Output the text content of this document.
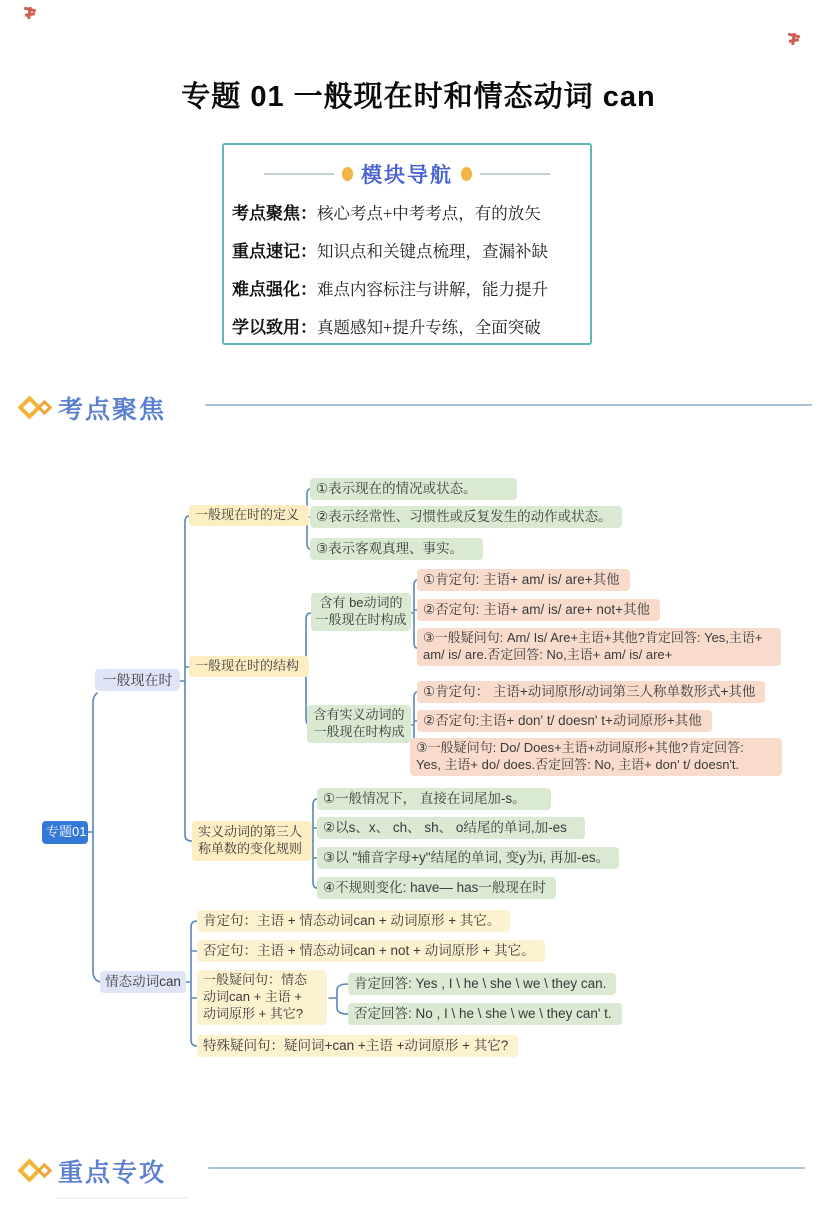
专题 01 一般现在时和情态动词 can
模块导航
考点聚焦： 核心考点+中考考点，有的放矢
重点速记： 知识点和关键点梳理，查漏补缺
难点强化： 难点内容标注与讲解，能力提升
学以致用： 真题感知+提升专练，全面突破
考点聚焦
专题01
一般现在时
情态动词can
一般现在时的定义
一般现在时的结构
实义动词的第三人称单数的变化规则
①表示现在的情况或状态。
②表示经常性、习惯性或反复发生的动作或状态。
③表示客观真理、事实。
含有 be动词的一般现在时构成
①肯定句: 主语+ am/ is/ are+其他
②否定句: 主语+ am/ is/ are+ not+其他
③一般疑问句: Am/ Is/ Are+主语+其他?肯定回答: Yes,主语+ am/ is/ are.否定回答: No,主语+ am/ is/ are+
含有实义动词的一般现在时构成
①肯定句： 主语+动词原形/动词第三人称单数形式+其他
②否定句:主语+ don' t/ doesn' t+动词原形+其他
③一般疑问句: Do/ Does+主语+动词原形+其他?肯定回答: Yes, 主语+ do/ does.否定回答: No, 主语+ don' t/ doesn't.
①一般情况下， 直接在词尾加-s。
②以s、x、 ch、 sh、 o结尾的单词,加-es
③以 "辅音字母+y"结尾的单词, 变y为i, 再加-es。
④不规则变化: have— has一般现在时
肯定句：主语 + 情态动词can + 动词原形 + 其它。
否定句：主语 + 情态动词can + not + 动词原形 + 其它。
一般疑问句：情态动词can + 主语 + 动词原形 + 其它?
肯定回答: Yes , I \ he \ she \ we \ they can.
否定回答: No , I \ he \ she \ we \ they can' t.
特殊疑问句：疑问词+can +主语 +动词原形 + 其它?
重点专攻
